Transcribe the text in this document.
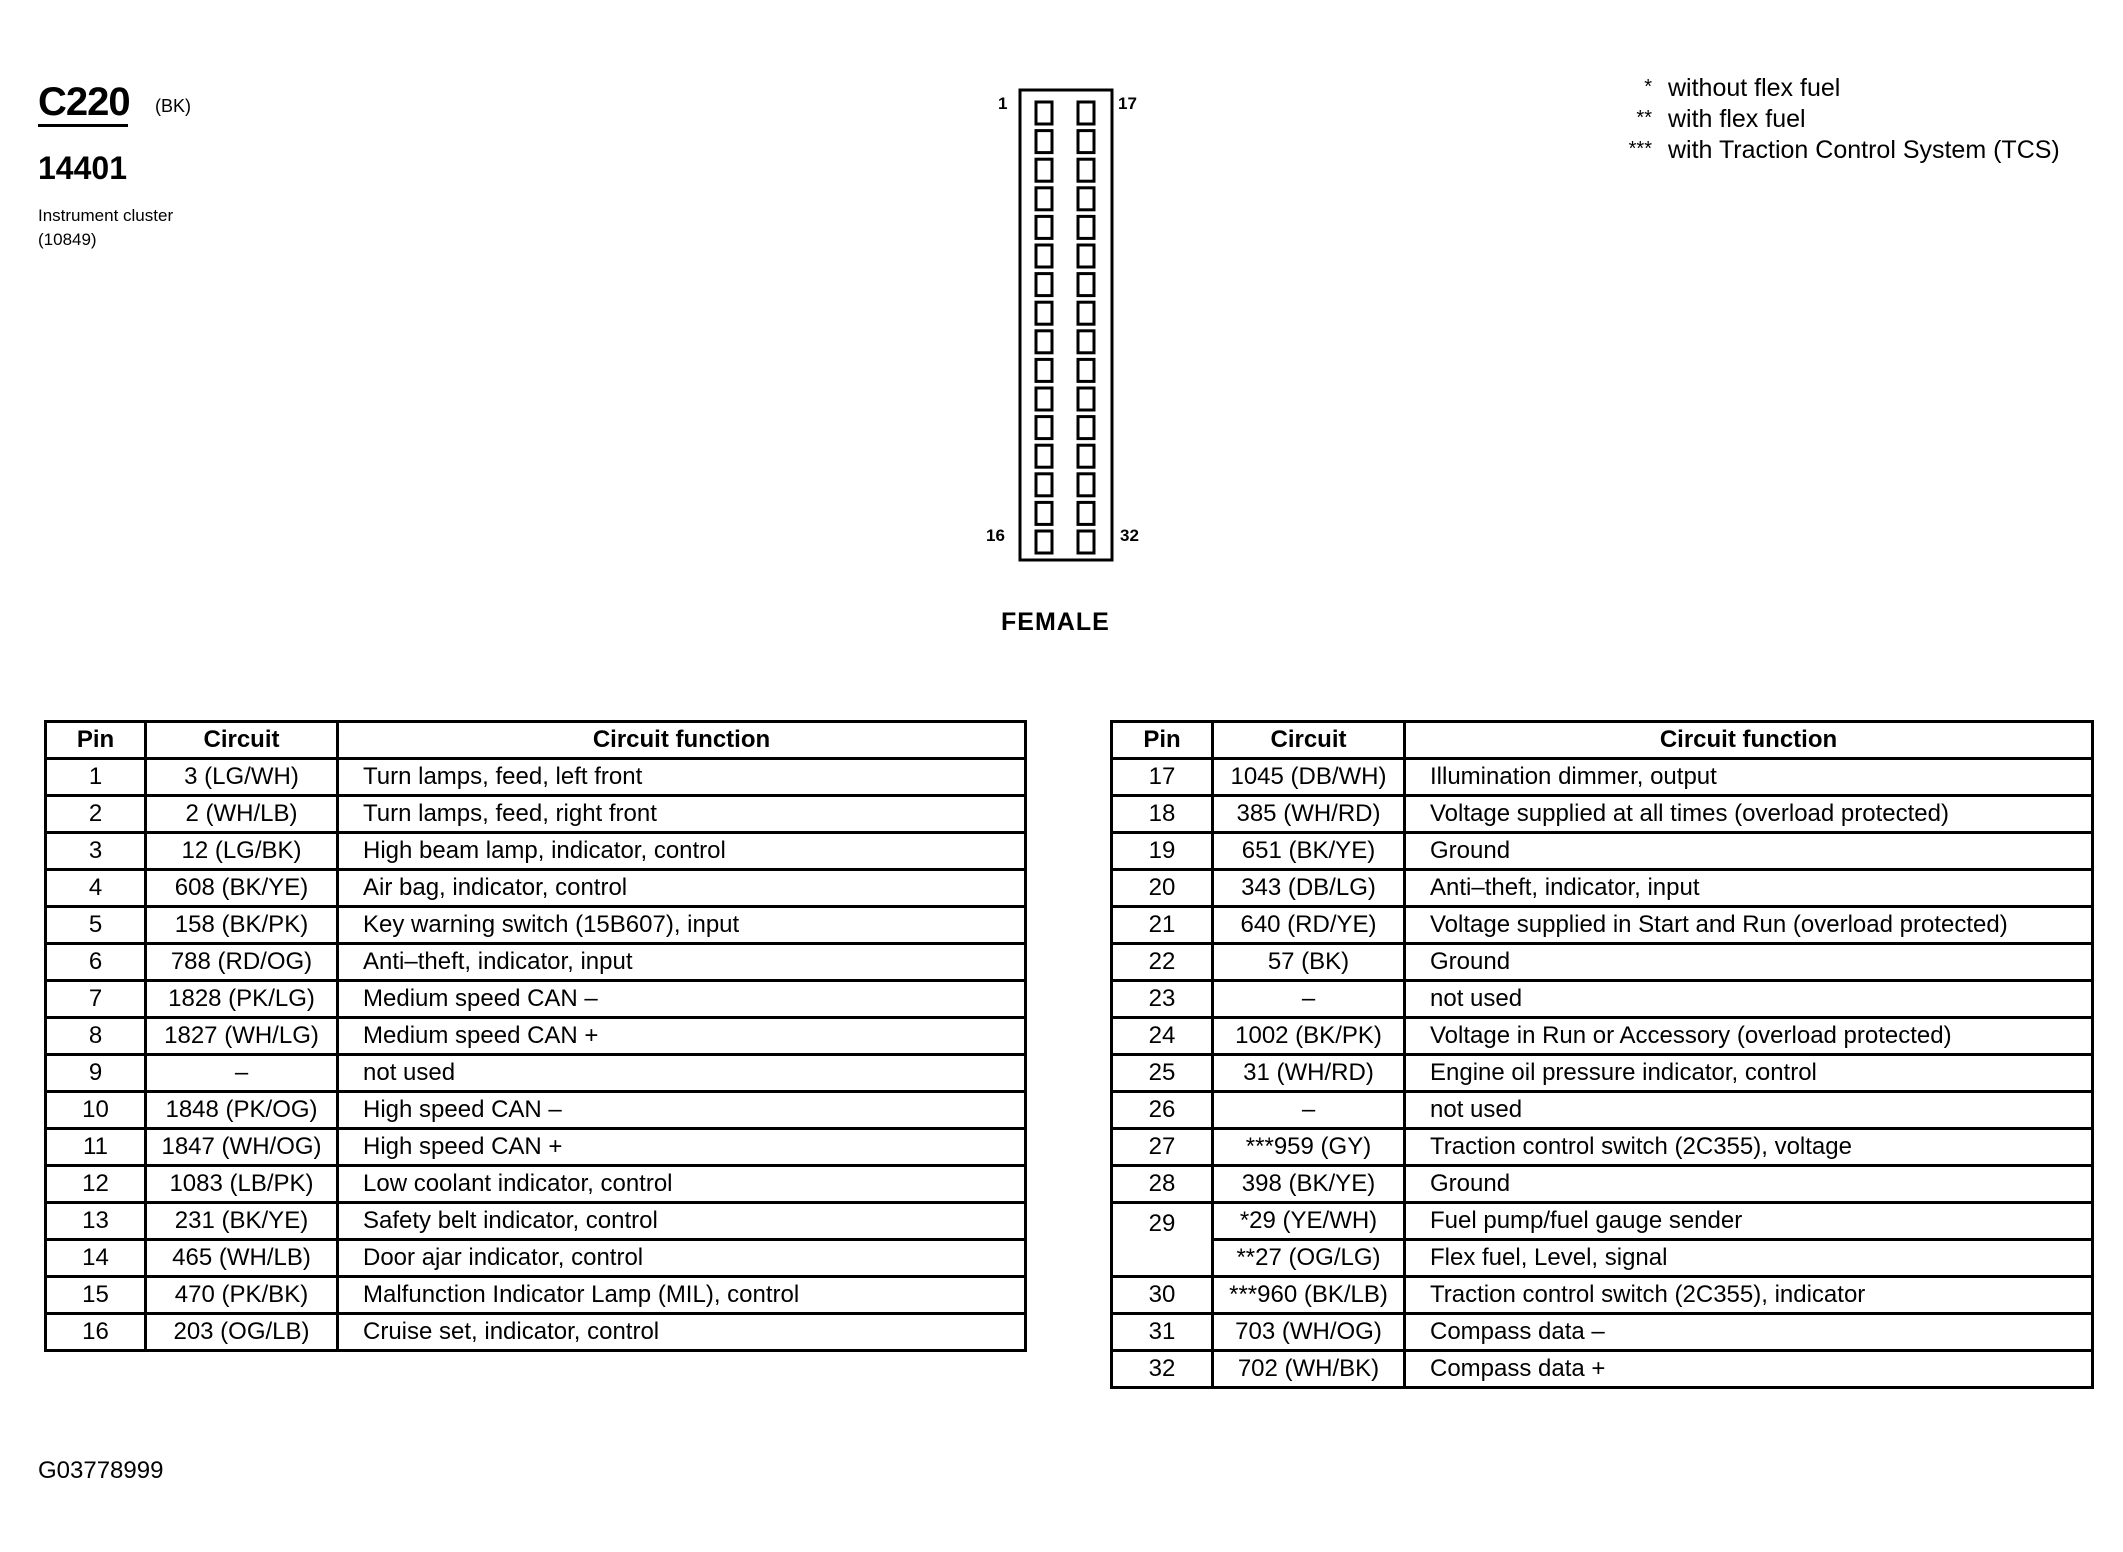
C220 (BK)
14401
Instrument cluster
(10849)
* without flex fuel
** with flex fuel
*** with Traction Control System (TCS)
1	17
16	32
FEMALE
Pin	Circuit	Circuit function
1	3 (LG/WH)	Turn lamps, feed, left front
2	2 (WH/LB)	Turn lamps, feed, right front
3	12 (LG/BK)	High beam lamp, indicator, control
4	608 (BK/YE)	Air bag, indicator, control
5	158 (BK/PK)	Key warning switch (15B607), input
6	788 (RD/OG)	Anti–theft, indicator, input
7	1828 (PK/LG)	Medium speed CAN –
8	1827 (WH/LG)	Medium speed CAN +
9	–	not used
10	1848 (PK/OG)	High speed CAN –
11	1847 (WH/OG)	High speed CAN +
12	1083 (LB/PK)	Low coolant indicator, control
13	231 (BK/YE)	Safety belt indicator, control
14	465 (WH/LB)	Door ajar indicator, control
15	470 (PK/BK)	Malfunction Indicator Lamp (MIL), control
16	203 (OG/LB)	Cruise set, indicator, control
Pin	Circuit	Circuit function
17	1045 (DB/WH)	Illumination dimmer, output
18	385 (WH/RD)	Voltage supplied at all times (overload protected)
19	651 (BK/YE)	Ground
20	343 (DB/LG)	Anti–theft, indicator, input
21	640 (RD/YE)	Voltage supplied in Start and Run (overload protected)
22	57 (BK)	Ground
23	–	not used
24	1002 (BK/PK)	Voltage in Run or Accessory (overload protected)
25	31 (WH/RD)	Engine oil pressure indicator, control
26	–	not used
27	***959 (GY)	Traction control switch (2C355), voltage
28	398 (BK/YE)	Ground
29	*29 (YE/WH)	Fuel pump/fuel gauge sender
	**27 (OG/LG)	Flex fuel, Level, signal
30	***960 (BK/LB)	Traction control switch (2C355), indicator
31	703 (WH/OG)	Compass data –
32	702 (WH/BK)	Compass data +
G03778999
